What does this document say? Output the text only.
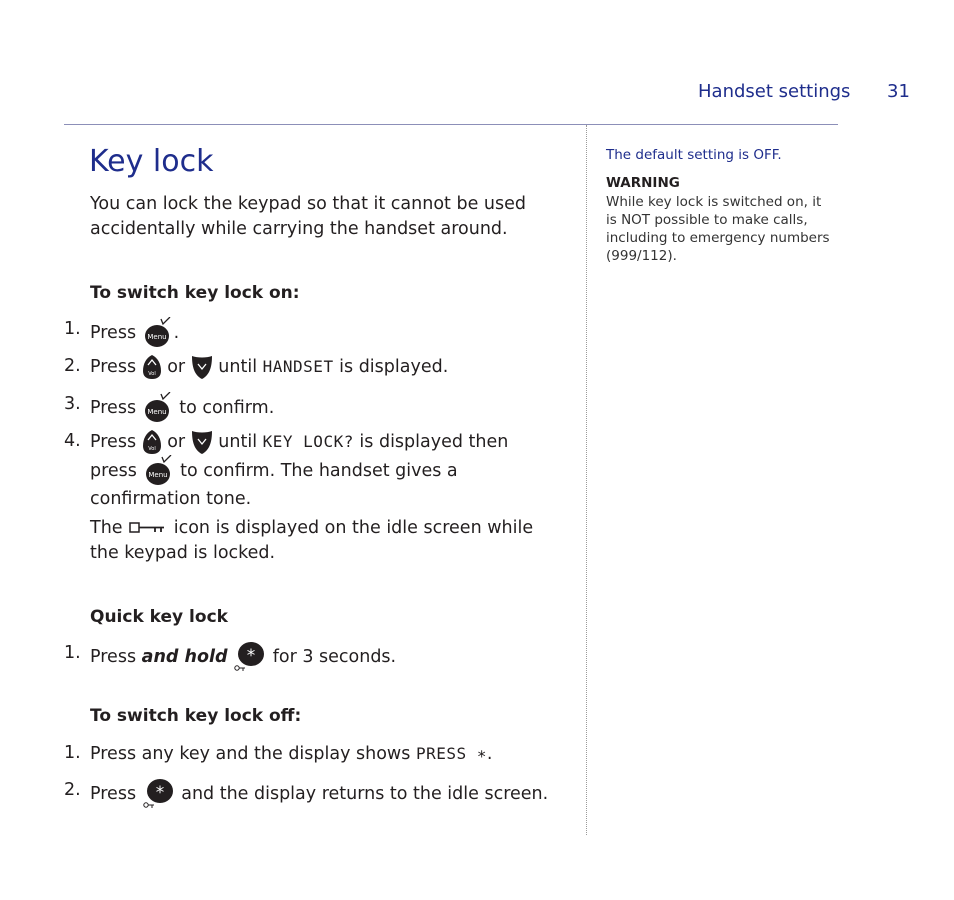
Handset settings 31
Key lock

You can lock the keypad so that it cannot be used accidentally while carrying the handset around.

To switch key lock on:
1. Press Menu .
2. Press Vol or until HANDSET is displayed.
3. Press Menu to confirm.
4. Press Vol or until KEY LOCK? is displayed then
press Menu to confirm. The handset gives a confirmation tone.
The	icon is displayed on the idle screen while the keypad is locked.
Quick key lock
1. Press and hold * for 3 seconds.
To switch key lock off:
1. Press any key and the display shows PRESS ∗.
2. Press * and the display returns to the idle screen.
The default setting is OFF.
WARNING
While key lock is switched on, it is NOT possible to make calls, including to emergency numbers (999/112).
